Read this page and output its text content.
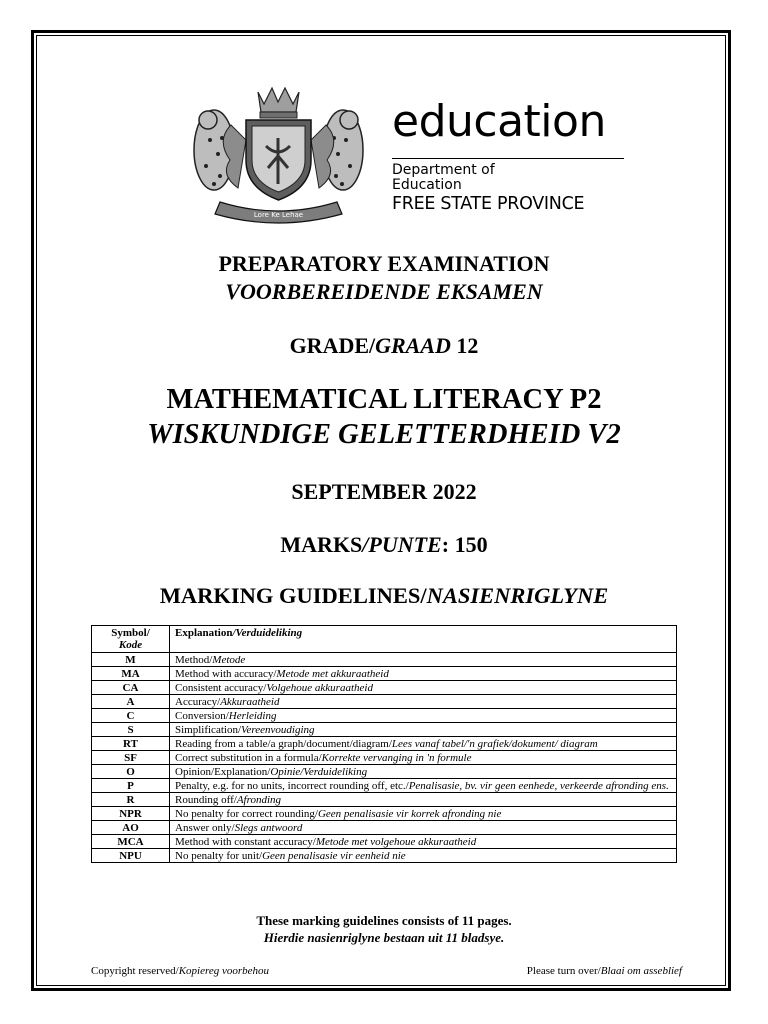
Lore Ke Lehae
education
Department of
Education
FREE STATE PROVINCE
PREPARATORY EXAMINATION
VOORBEREIDENDE EKSAMEN
GRADE/GRAAD 12
MATHEMATICAL LITERACY P2
WISKUNDIGE GELETTERDHEID V2
SEPTEMBER 2022
MARKS/PUNTE: 150
MARKING GUIDELINES/NASIENRIGLYNE
Symbol/
Kode	Explanation/Verduideliking
M	Method/Metode
MA	Method with accuracy/Metode met akkuraatheid
CA	Consistent accuracy/Volgehoue akkuraatheid
A	Accuracy/Akkuraatheid
C	Conversion/Herleiding
S	Simplification/Vereenvoudiging
RT	Reading from a table/a graph/document/diagram/Lees vanaf tabel/'n grafiek/dokument/ diagram
SF	Correct substitution in a formula/Korrekte vervanging in 'n formule
O	Opinion/Explanation/Opinie/Verduideliking
P	Penalty, e.g. for no units, incorrect rounding off, etc./Penalisasie, bv. vir geen eenhede, verkeerde afronding ens.
R	Rounding off/Afronding
NPR	No penalty for correct rounding/Geen penalisasie vir korrek afronding nie
AO	Answer only/Slegs antwoord
MCA	Method with constant accuracy/Metode met volgehoue akkuraatheid
NPU	No penalty for unit/Geen penalisasie vir eenheid nie
These marking guidelines consists of 11 pages.
Hierdie nasienriglyne bestaan uit 11 bladsye.
Copyright reserved/Kopiereg voorbehou	Please turn over/Blaai om asseblief
